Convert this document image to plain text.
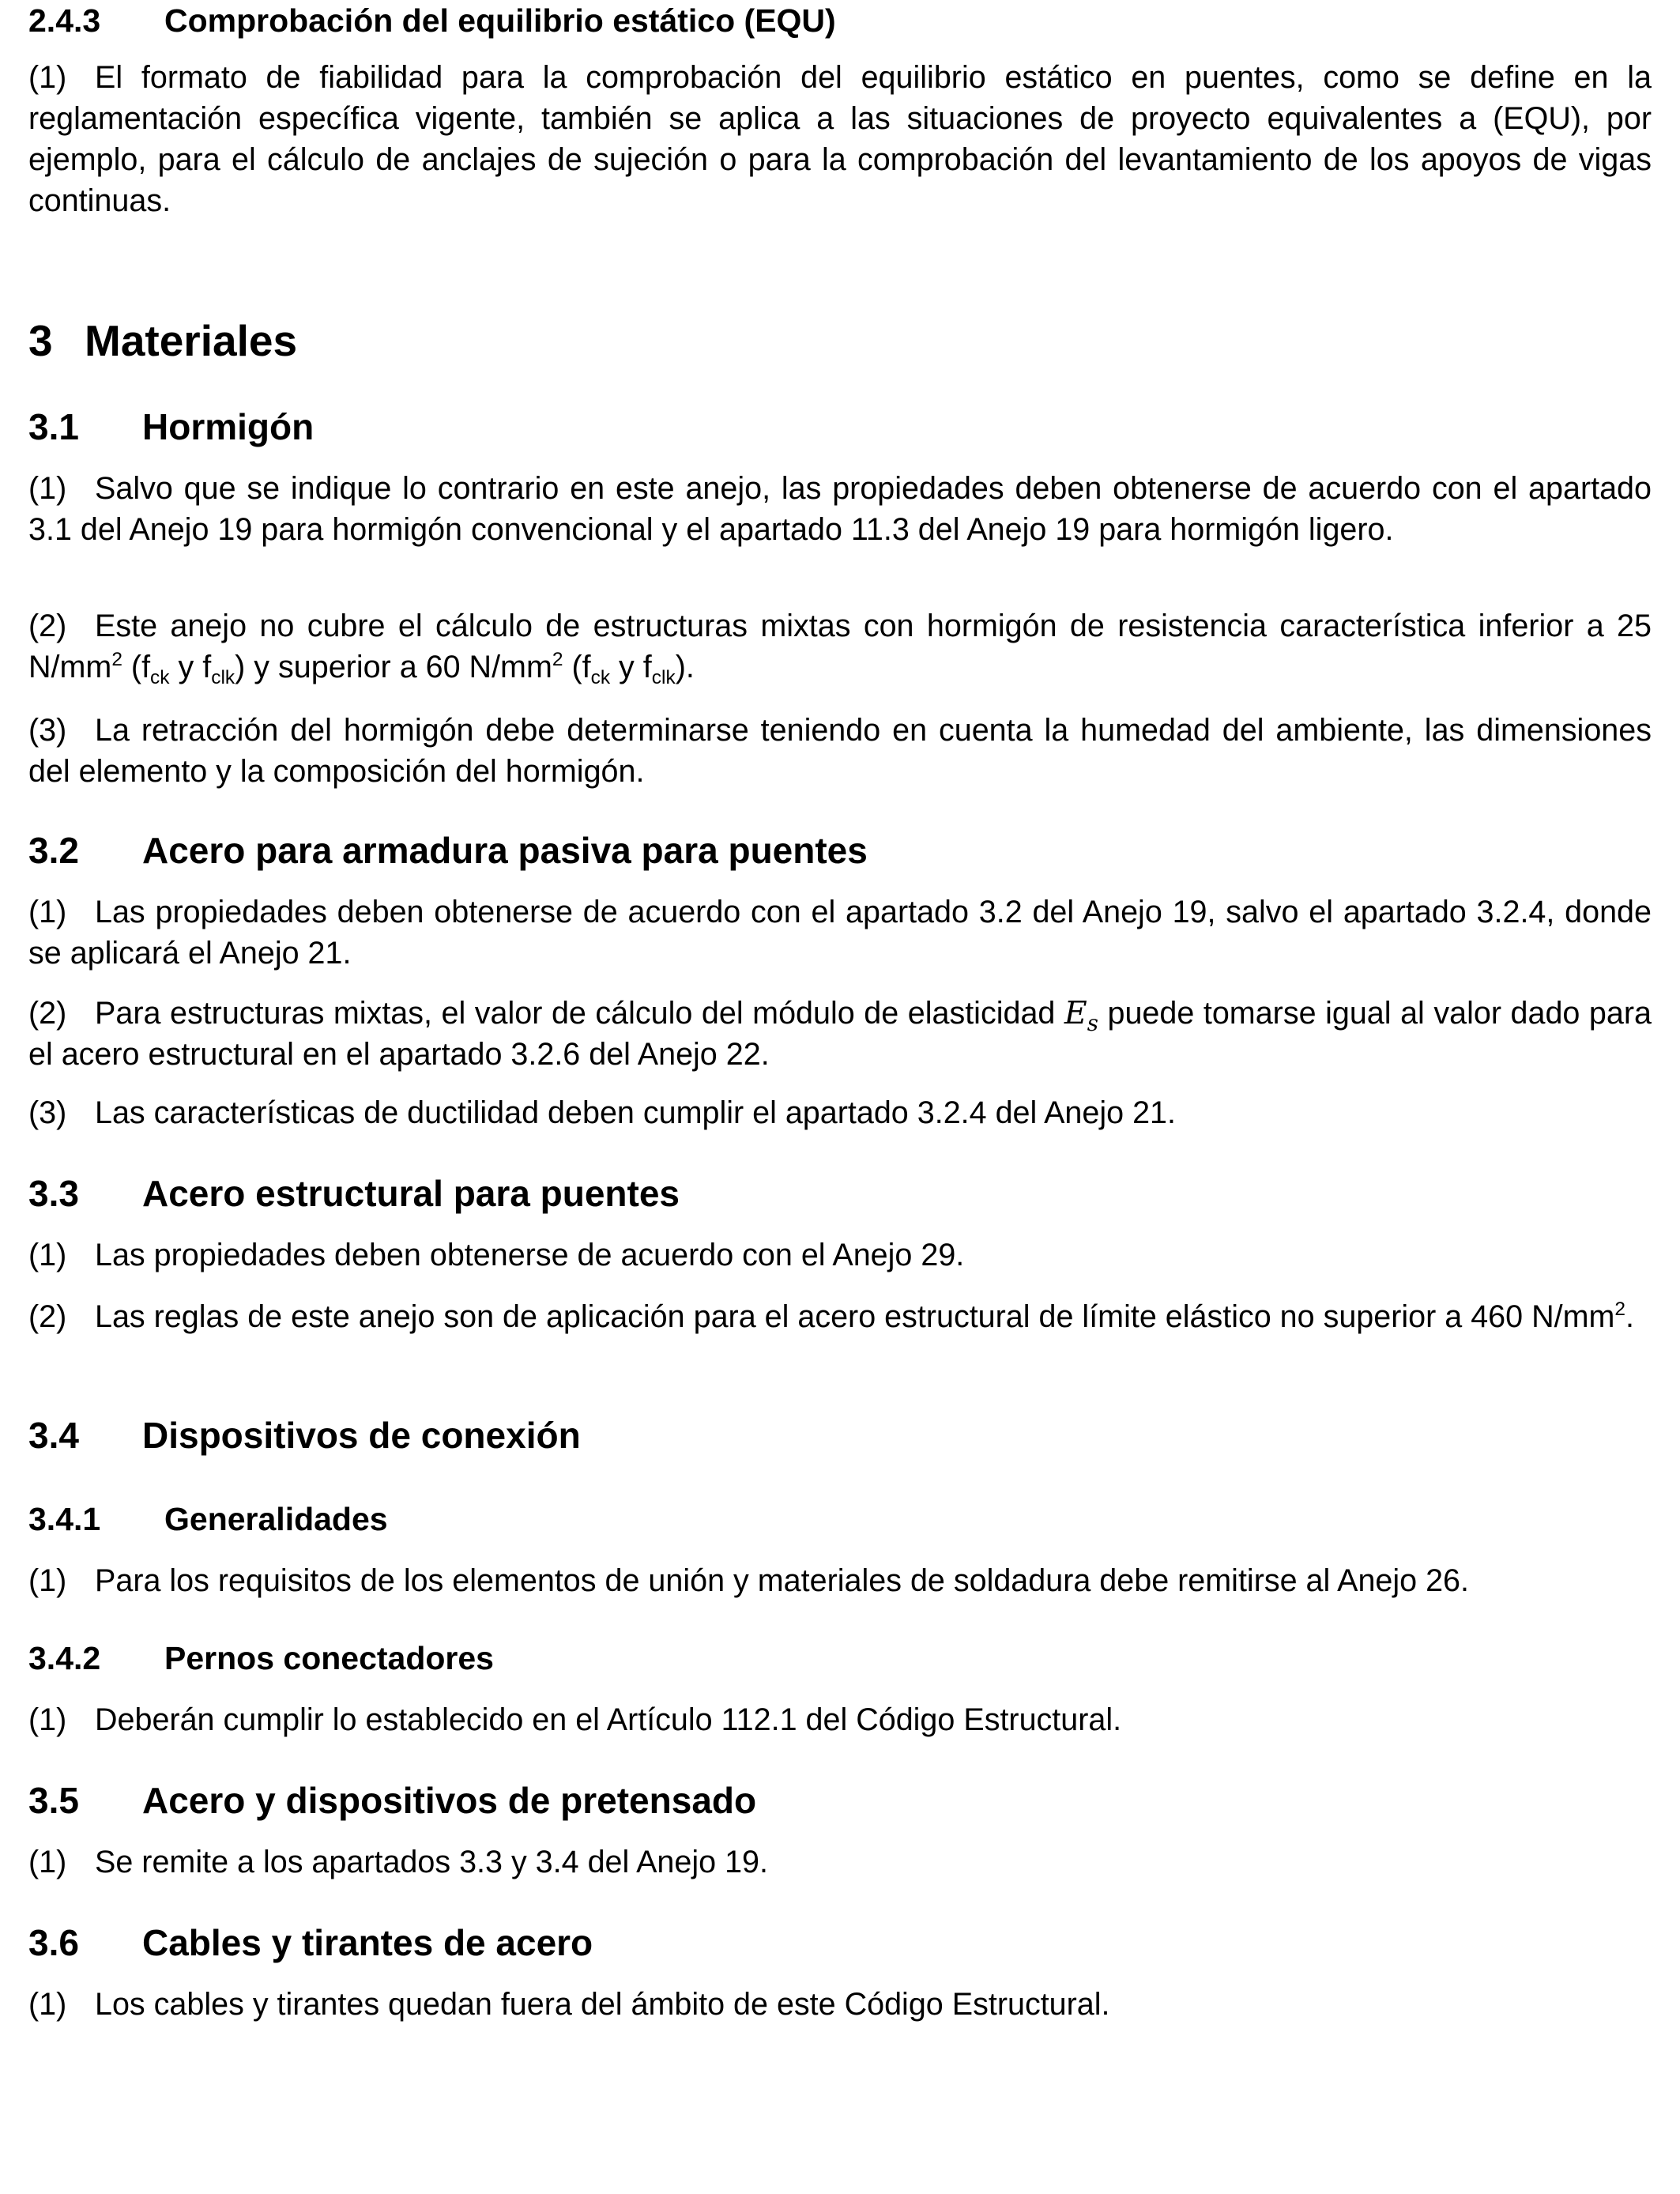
2.4.3 Comprobación del equilibrio estático (EQU)
(1) El formato de fiabilidad para la comprobación del equilibrio estático en puentes, como se define en la reglamentación específica vigente, también se aplica a las situaciones de proyecto equivalentes a (EQU), por ejemplo, para el cálculo de anclajes de sujeción o para la comprobación del levantamiento de los apoyos de vigas continuas.
3 Materiales
3.1 Hormigón
(1) Salvo que se indique lo contrario en este anejo, las propiedades deben obtenerse de acuerdo con el apartado 3.1 del Anejo 19 para hormigón convencional y el apartado 11.3 del Anejo 19 para hormigón ligero.
(2) Este anejo no cubre el cálculo de estructuras mixtas con hormigón de resistencia característica inferior a 25 $N/mm^2$ ($f_{ck}$ y $f_{clk}$) y superior a 60 $N/mm^2$ ($f_{ck}$ y $f_{clk}$).
(3) La retracción del hormigón debe determinarse teniendo en cuenta la humedad del ambiente, las dimensiones del elemento y la composición del hormigón.
3.2 Acero para armadura pasiva para puentes
(1) Las propiedades deben obtenerse de acuerdo con el apartado 3.2 del Anejo 19, salvo el apartado 3.2.4, donde se aplicará el Anejo 21.
(2) Para estructuras mixtas, el valor de cálculo del módulo de elasticidad $E_s$ puede tomarse igual al valor dado para el acero estructural en el apartado 3.2.6 del Anejo 22.
(3) Las características de ductilidad deben cumplir el apartado 3.2.4 del Anejo 21.
3.3 Acero estructural para puentes
(1) Las propiedades deben obtenerse de acuerdo con el Anejo 29.
(2) Las reglas de este anejo son de aplicación para el acero estructural de límite elástico no superior a 460 $N/mm^2$.
3.4 Dispositivos de conexión
3.4.1 Generalidades
(1) Para los requisitos de los elementos de unión y materiales de soldadura debe remitirse al Anejo 26.
3.4.2 Pernos conectadores
(1) Deberán cumplir lo establecido en el Artículo 112.1 del Código Estructural.
3.5 Acero y dispositivos de pretensado
(1) Se remite a los apartados 3.3 y 3.4 del Anejo 19.
3.6 Cables y tirantes de acero
(1) Los cables y tirantes quedan fuera del ámbito de este Código Estructural.
